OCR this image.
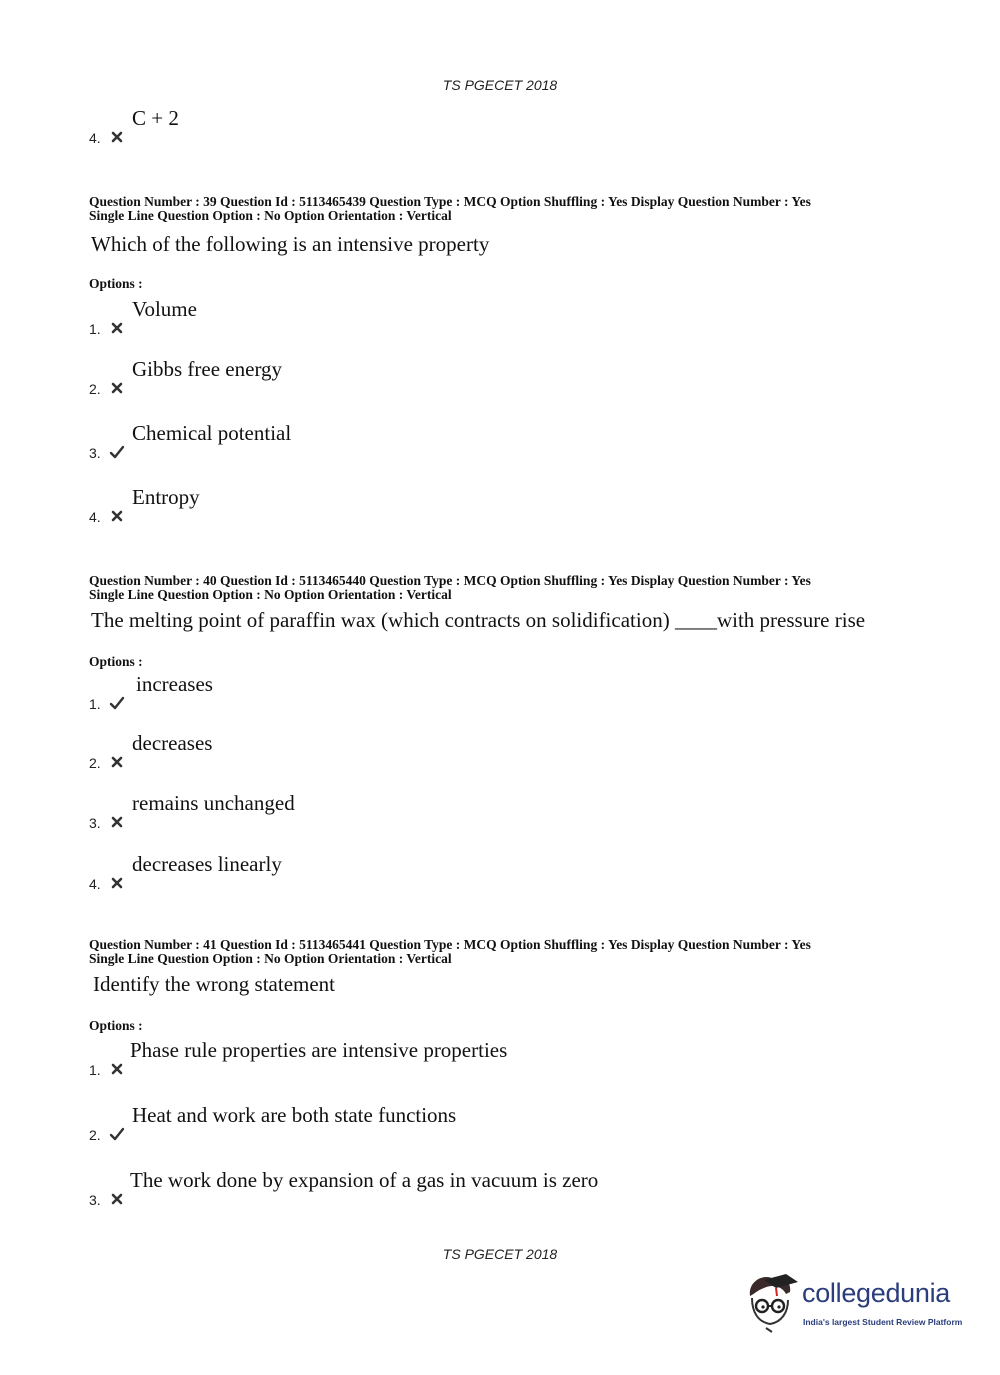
TS PGECET 2018
4.
C + 2
Question Number : 39 Question Id : 5113465439 Question Type : MCQ Option Shuffling : Yes Display Question Number : Yes
Single Line Question Option : No Option Orientation : Vertical
Which of the following is an intensive property
Options :
1.
Volume
2.
Gibbs free energy
3.
Chemical potential
4.
Entropy
Question Number : 40 Question Id : 5113465440 Question Type : MCQ Option Shuffling : Yes Display Question Number : Yes
Single Line Question Option : No Option Orientation : Vertical
The melting point of paraffin wax (which contracts on solidification) ____with pressure rise
Options :
1.
increases
2.
decreases
3.
remains unchanged
4.
decreases linearly
Question Number : 41 Question Id : 5113465441 Question Type : MCQ Option Shuffling : Yes Display Question Number : Yes
Single Line Question Option : No Option Orientation : Vertical
Identify the wrong statement
Options :
1.
Phase rule properties are intensive properties
2.
Heat and work are both state functions
3.
The work done by expansion of a gas in vacuum is zero
TS PGECET 2018
collegedunia
India's largest Student Review Platform
